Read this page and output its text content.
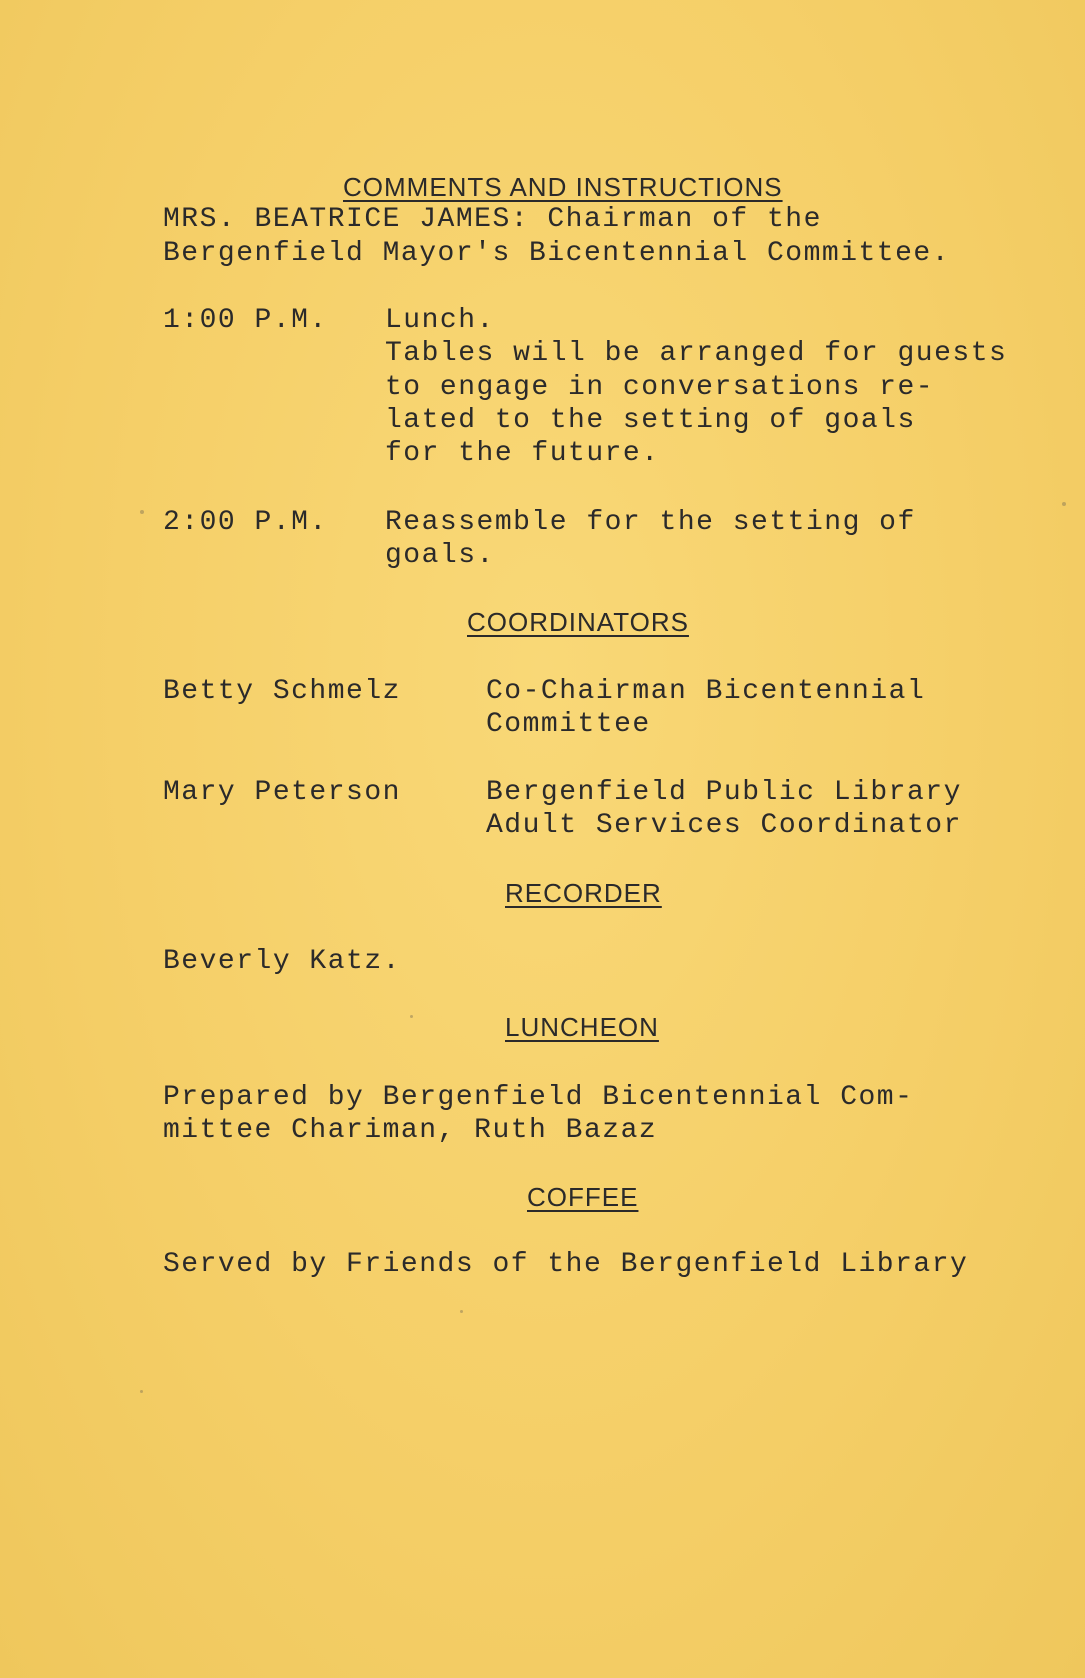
COMMENTS AND INSTRUCTIONS
MRS. BEATRICE JAMES: Chairman of the
Bergenfield Mayor's Bicentennial Committee.
1:00 P.M. Lunch.
Tables will be arranged for guests
to engage in conversations re-
lated to the setting of goals
for the future.
2:00 P.M. Reassemble for the setting of
goals.
COORDINATORS
Betty Schmelz	Co-Chairman Bicentennial
Committee
Mary Peterson	Bergenfield Public Library
Adult Services Coordinator
RECORDER
Beverly Katz.
LUNCHEON
Prepared by Bergenfield Bicentennial Com-
mittee Chariman, Ruth Bazaz
COFFEE
Served by Friends of the Bergenfield Library
